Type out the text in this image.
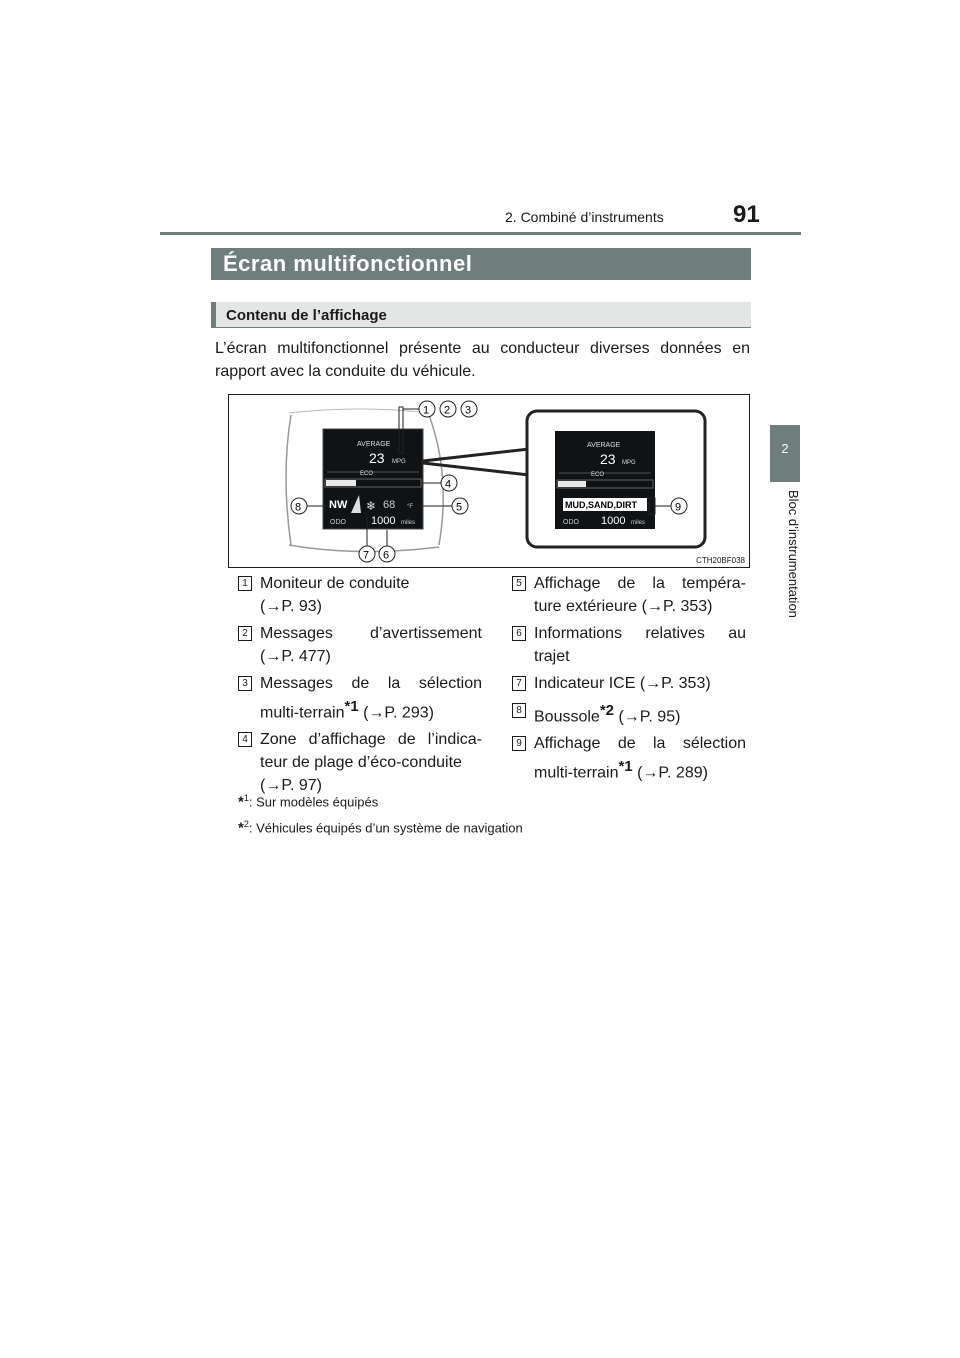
2. Combiné d’instruments	91
2
Bloc d’instrumentation
Écran multifonctionnel
Contenu de l’affichage
L’écran multifonctionnel présente au conducteur diverses données en rapport avec la conduite du véhicule.
AVERAGE
23 MPG
ECO
NW ❄ 68 °F
ODO 1000 miles
1 2 3
4
5
8
7 6
AVERAGE
23 MPG
ECO
MUD,SAND,DIRT
ODO 1000 miles
9
CTH20BF038
1 Moniteur de conduite
(→P. 93)
2 Messages d’avertissement
(→P. 477)
3 Messages de la sélection
multi-terrain$^{*1}$ (→P. 293)
4 Zone d’affichage de l’indica-
teur de plage d’éco-conduite
(→P. 97)
5 Affichage de la tempéra-
ture extérieure (→P. 353)
6 Informations relatives au
trajet
7 Indicateur ICE (→P. 353)
8 Boussole$^{*2}$ (→P. 95)
9 Affichage de la sélection
multi-terrain$^{*1}$ (→P. 289)
*$^1$: Sur modèles équipés
*$^2$: Véhicules équipés d’un système de navigation
